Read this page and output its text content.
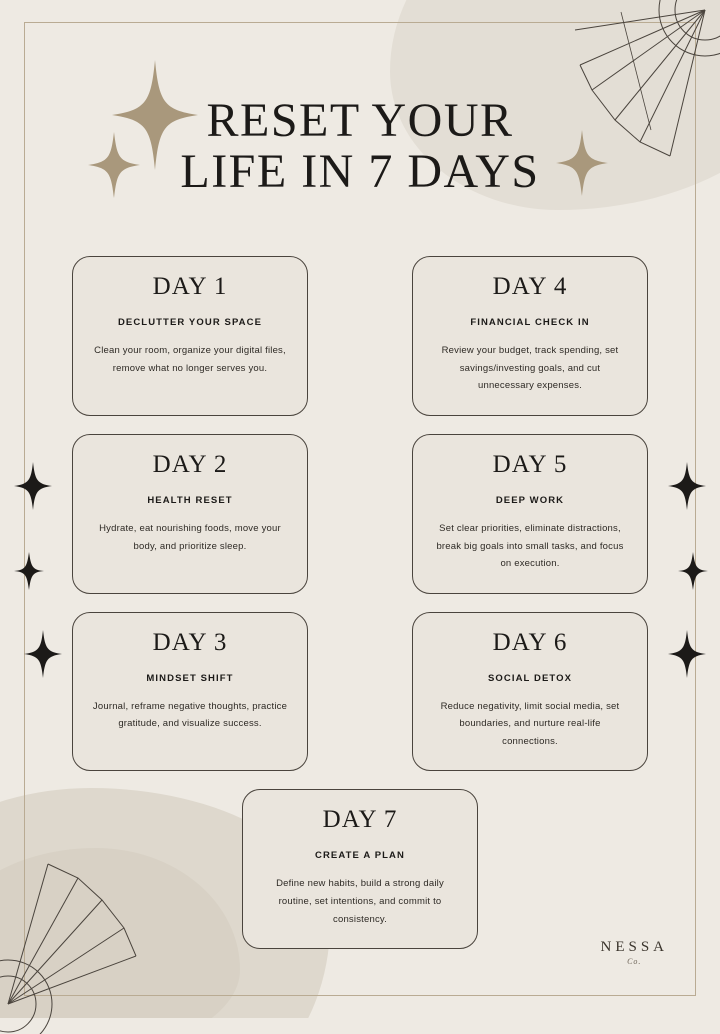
RESET YOUR
LIFE IN 7 DAYS
DAY 1
DECLUTTER YOUR SPACE
Clean your room, organize your digital files, remove what no longer serves you.
DAY 4
FINANCIAL CHECK IN
Review your budget, track spending, set savings/investing goals, and cut unnecessary expenses.
DAY 2
HEALTH RESET
Hydrate, eat nourishing foods, move your body, and prioritize sleep.
DAY 5
DEEP WORK
Set clear priorities, eliminate distractions, break big goals into small tasks, and focus on execution.
DAY 3
MINDSET SHIFT
Journal, reframe negative thoughts, practice gratitude, and visualize success.
DAY 6
SOCIAL DETOX
Reduce negativity, limit social media, set boundaries, and nurture real-life connections.
DAY 7
CREATE A PLAN
Define new habits, build a strong daily routine, set intentions, and commit to consistency.
NESSA
Co.
